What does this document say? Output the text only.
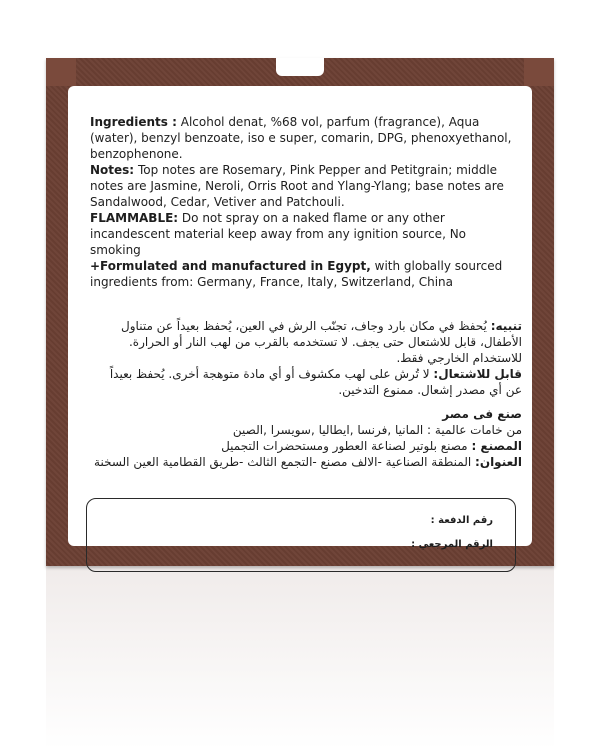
Ingredients : Alcohol denat, %68 vol, parfum (fragrance), Aqua (water), benzyl benzoate, iso e super, comarin, DPG, phenoxyethanol, benzophenone.
Notes: Top notes are Rosemary, Pink Pepper and Petitgrain; middle notes are Jasmine, Neroli, Orris Root and Ylang-Ylang; base notes are Sandalwood, Cedar, Vetiver and Patchouli.
FLAMMABLE: Do not spray on a naked flame or any other incandescent material keep away from any ignition source, No smoking
+Formulated and manufactured in Egypt, with globally sourced ingredients from: Germany, France, Italy, Switzerland, China
تنبيه: يُحفظ في مكان بارد وجاف، تجنّب الرش في العين، يُحفظ بعيداً عن متناول الأطفال، قابل للاشتعال حتى يجف. لا تستخدمه بالقرب من لهب النار أو الحرارة. للاستخدام الخارجي فقط.
قابل للاشتعال: لا تُرش على لهب مكشوف أو أي مادة متوهجة أخرى. يُحفظ بعيداً عن أي مصدر إشعال. ممنوع التدخين.
صنع فى مصر
من خامات عالمية : المانيا ,فرنسا ,ايطاليا ,سويسرا ,الصين
المصنع : مصنع بلوتير لصناعة العطور ومستحضرات التجميل
العنوان: المنطقة الصناعية -الالف مصنع -التجمع الثالث -طريق القطامية العين السخنة
رقم الدفعة :
الرقم المرجعي :
